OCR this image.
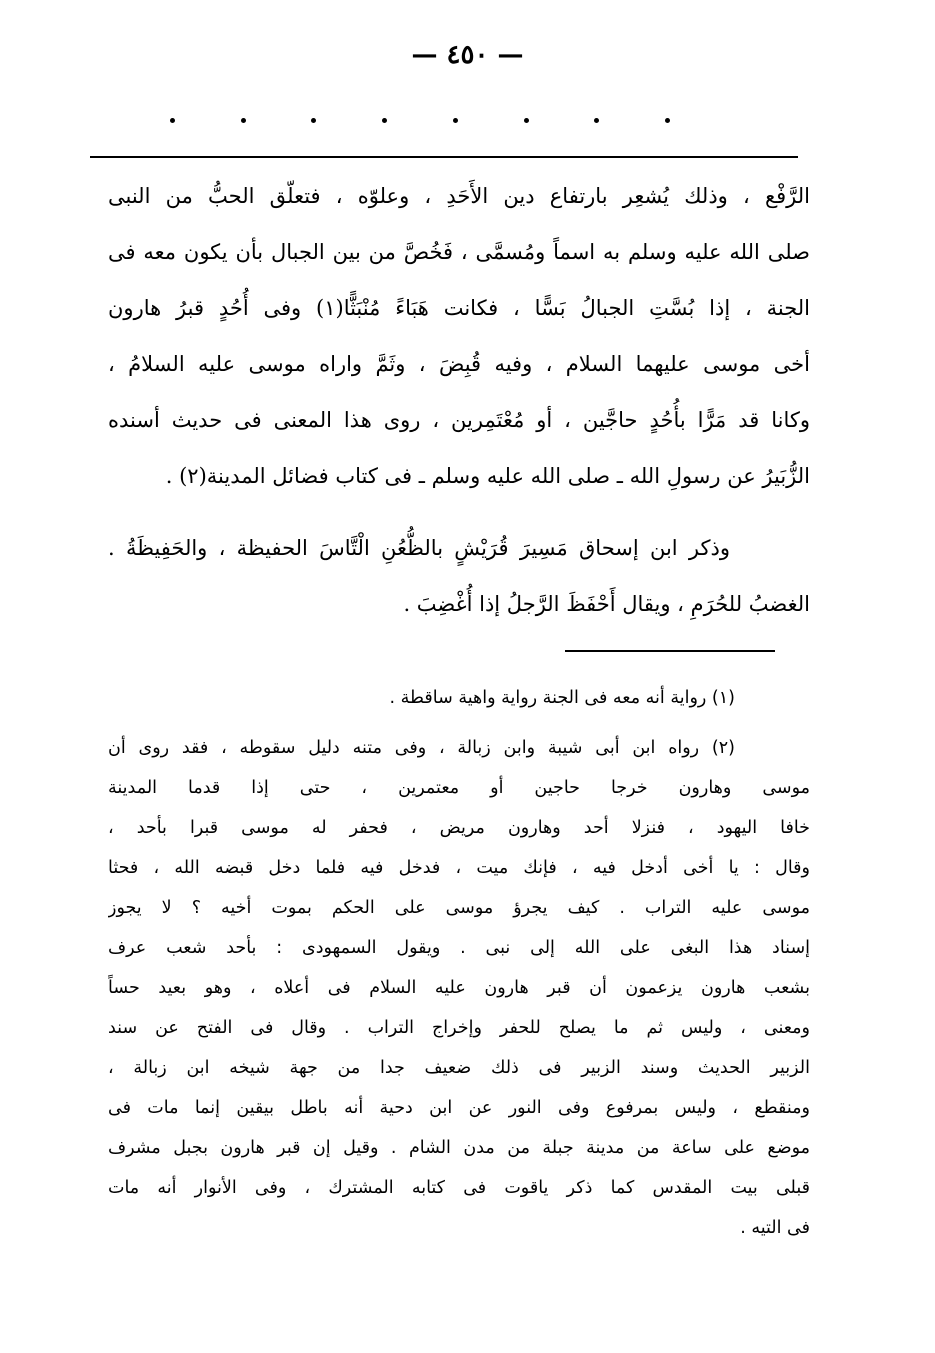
— ٤٥٠ —
الرَّفْع ، وذلك يُشعِر بارتفاع دين الأَحَدِ ، وعلوّه ، فتعلّق الحبُّ من النبى
صلى الله عليه وسلم به اسماً ومُسمَّى ، فَخُصَّ من بين الجبال بأن يكون معه فى
الجنة ، إذا بُسَّتِ الجبالُ بَسًّا ، فكانت هَبَاءً مُنْبَثًّا(١) وفى أُحُدٍ قبرُ هارون
أخى موسى عليهما السلام ، وفيه قُبِضَ ، وثَمَّ واراه موسى عليه السلامُ ،
وكانا قد مَرًّا بأُحُدٍ حاجَّين ، أو مُعْتَمِرين ، روى هذا المعنى فى حديث أسنده
الزُّبَيرُ عن رسولِ الله ـ صلى الله عليه وسلم ـ فى كتاب فضائل المدينة(٢) .
وذكر ابن إسحاق مَسِيرَ قُرَيْشٍ بالظُّعُنِ الْتَّاسَ الحفيظة ، والحَفِيظَةُ .
الغضبُ للحُرَمِ ، ويقال أَحْفَظَ الرَّجلُ إذا أُغْضِبَ .
(١) رواية أنه معه فى الجنة رواية واهية ساقطة .
(٢) رواه ابن أبى شيبة وابن زبالة ، وفى متنه دليل سقوطه ، فقد روى أن
موسى وهارون خرجا حاجين أو معتمرين ، حتى إذا قدما المدينة
خافا اليهود ، فنزلا أحد وهارون مريض ، فحفر له موسى قبرا بأحد ،
وقال : يا أخى أدخل فيه ، فإنك ميت ، فدخل فيه فلما دخل قبضه الله ، فحثا
موسى عليه التراب . كيف يجرؤ موسى على الحكم بموت أخيه ؟ لا يجوز
إسناد هذا البغى على الله إلى نبى . ويقول السمهودى : بأحد شعب عرف
بشعب هارون يزعمون أن قبر هارون عليه السلام فى أعلاه ، وهو بعيد حساً
ومعنى ، وليس ثم ما يصلح للحفر وإخراج التراب . وقال فى الفتح عن سند
الزبير الحديث وسند الزبير فى ذلك ضعيف جدا من جهة شيخه ابن زبالة ،
ومنقطع ، وليس بمرفوع وفى النور عن ابن دحية أنه باطل بيقين إنما مات فى
موضع على ساعة من مدينة جبلة من مدن الشام . وقيل إن قبر هارون بجبل مشرف
قبلى بيت المقدس كما ذكر ياقوت فى كتابه المشترك ، وفى الأنوار أنه مات
فى التيه .
